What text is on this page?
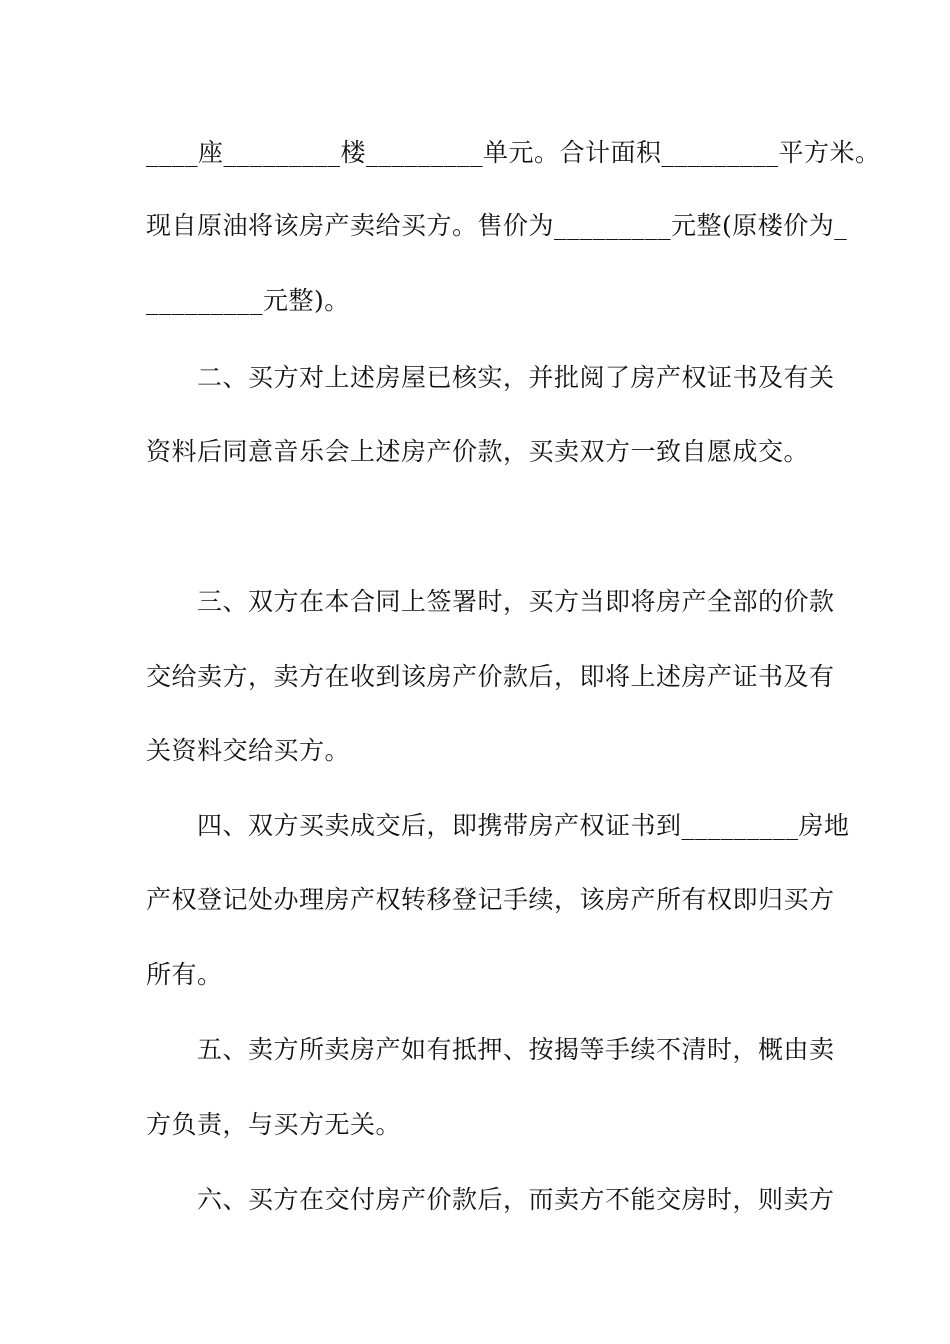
____座_________楼_________单元。合计面积_________平方米。
现自原油将该房产卖给买方。售价为_________元整(原楼价为_
_________元整)。
　　二、买方对上述房屋已核实，并批阅了房产权证书及有关
资料后同意音乐会上述房产价款，买卖双方一致自愿成交。
　　三、双方在本合同上签署时，买方当即将房产全部的价款
交给卖方，卖方在收到该房产价款后，即将上述房产证书及有
关资料交给买方。
　　四、双方买卖成交后，即携带房产权证书到_________房地
产权登记处办理房产权转移登记手续，该房产所有权即归买方
所有。
　　五、卖方所卖房产如有抵押、按揭等手续不清时，概由卖
方负责，与买方无关。
　　六、买方在交付房产价款后，而卖方不能交房时，则卖方
